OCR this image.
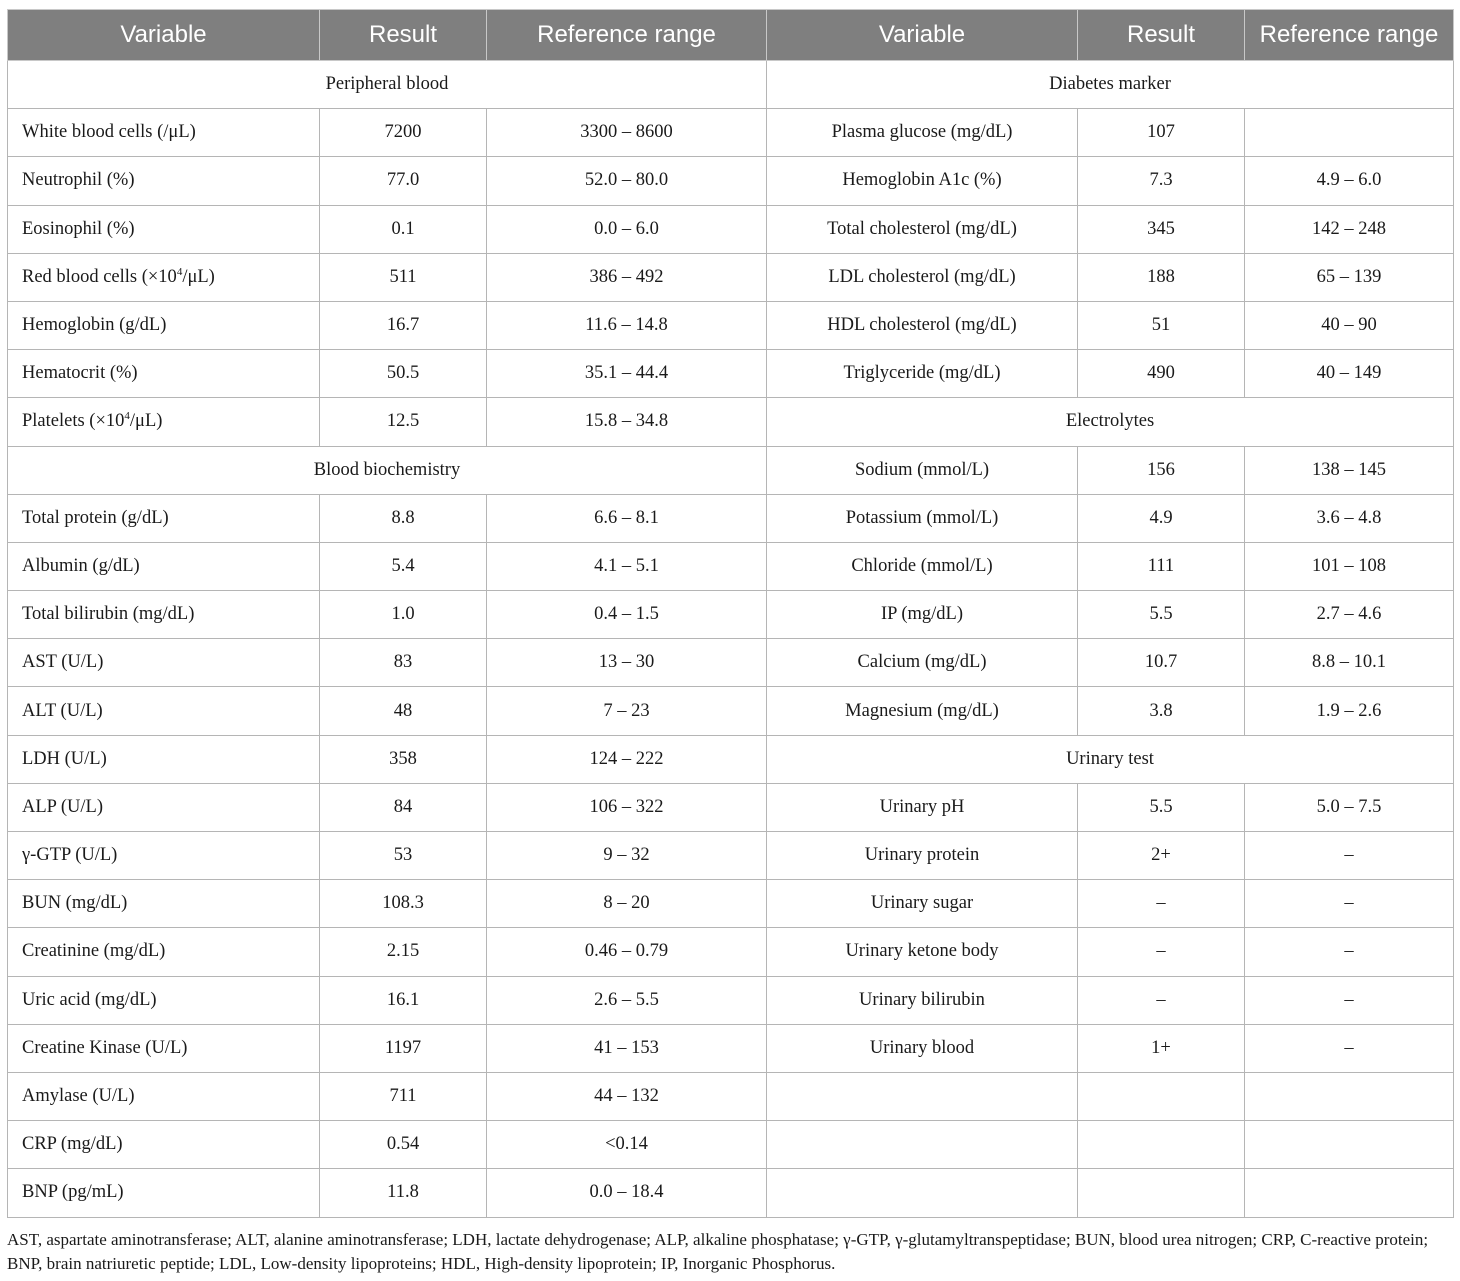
Variable	Result	Reference range	Variable	Result	Reference range
Peripheral blood			Diabetes marker		
White blood cells (/μL)	7200	3300 – 8600	Plasma glucose (mg/dL)	107	
Neutrophil (%)	77.0	52.0 – 80.0	Hemoglobin A1c (%)	7.3	4.9 – 6.0
Eosinophil (%)	0.1	0.0 – 6.0	Total cholesterol (mg/dL)	345	142 – 248
Red blood cells $(\times 10^4/\mu L)$	511	386 – 492	LDL cholesterol (mg/dL)	188	65 – 139
Hemoglobin (g/dL)	16.7	11.6 – 14.8	HDL cholesterol (mg/dL)	51	40 – 90
Hematocrit (%)	50.5	35.1 – 44.4	Triglyceride (mg/dL)	490	40 – 149
Platelets $(\times 10^4/\mu L)$	12.5	15.8 – 34.8	Electrolytes		
Blood biochemistry			Sodium (mmol/L)	156	138 – 145
Total protein (g/dL)	8.8	6.6 – 8.1	Potassium (mmol/L)	4.9	3.6 – 4.8
Albumin (g/dL)	5.4	4.1 – 5.1	Chloride (mmol/L)	111	101 – 108
Total bilirubin (mg/dL)	1.0	0.4 – 1.5	IP (mg/dL)	5.5	2.7 – 4.6
AST (U/L)	83	13 – 30	Calcium (mg/dL)	10.7	8.8 – 10.1
ALT (U/L)	48	7 – 23	Magnesium (mg/dL)	3.8	1.9 – 2.6
LDH (U/L)	358	124 – 222	Urinary test		
ALP (U/L)	84	106 – 322	Urinary pH	5.5	5.0 – 7.5
γ-GTP (U/L)	53	9 – 32	Urinary protein	2+	–
BUN (mg/dL)	108.3	8 – 20	Urinary sugar	–	–
Creatinine (mg/dL)	2.15	0.46 – 0.79	Urinary ketone body	–	–
Uric acid (mg/dL)	16.1	2.6 – 5.5	Urinary bilirubin	–	–
Creatine Kinase (U/L)	1197	41 – 153	Urinary blood	1+	–
Amylase (U/L)	711	44 – 132			
CRP (mg/dL)	0.54	<0.14			
BNP (pg/mL)	11.8	0.0 – 18.4			
AST, aspartate aminotransferase; ALT, alanine aminotransferase; LDH, lactate dehydrogenase; ALP, alkaline phosphatase; γ-GTP, γ-glutamyltranspeptidase; BUN, blood urea nitrogen; CRP, C-reactive protein; BNP, brain natriuretic peptide; LDL, Low-density lipoproteins; HDL, High-density lipoprotein; IP, Inorganic Phosphorus.
